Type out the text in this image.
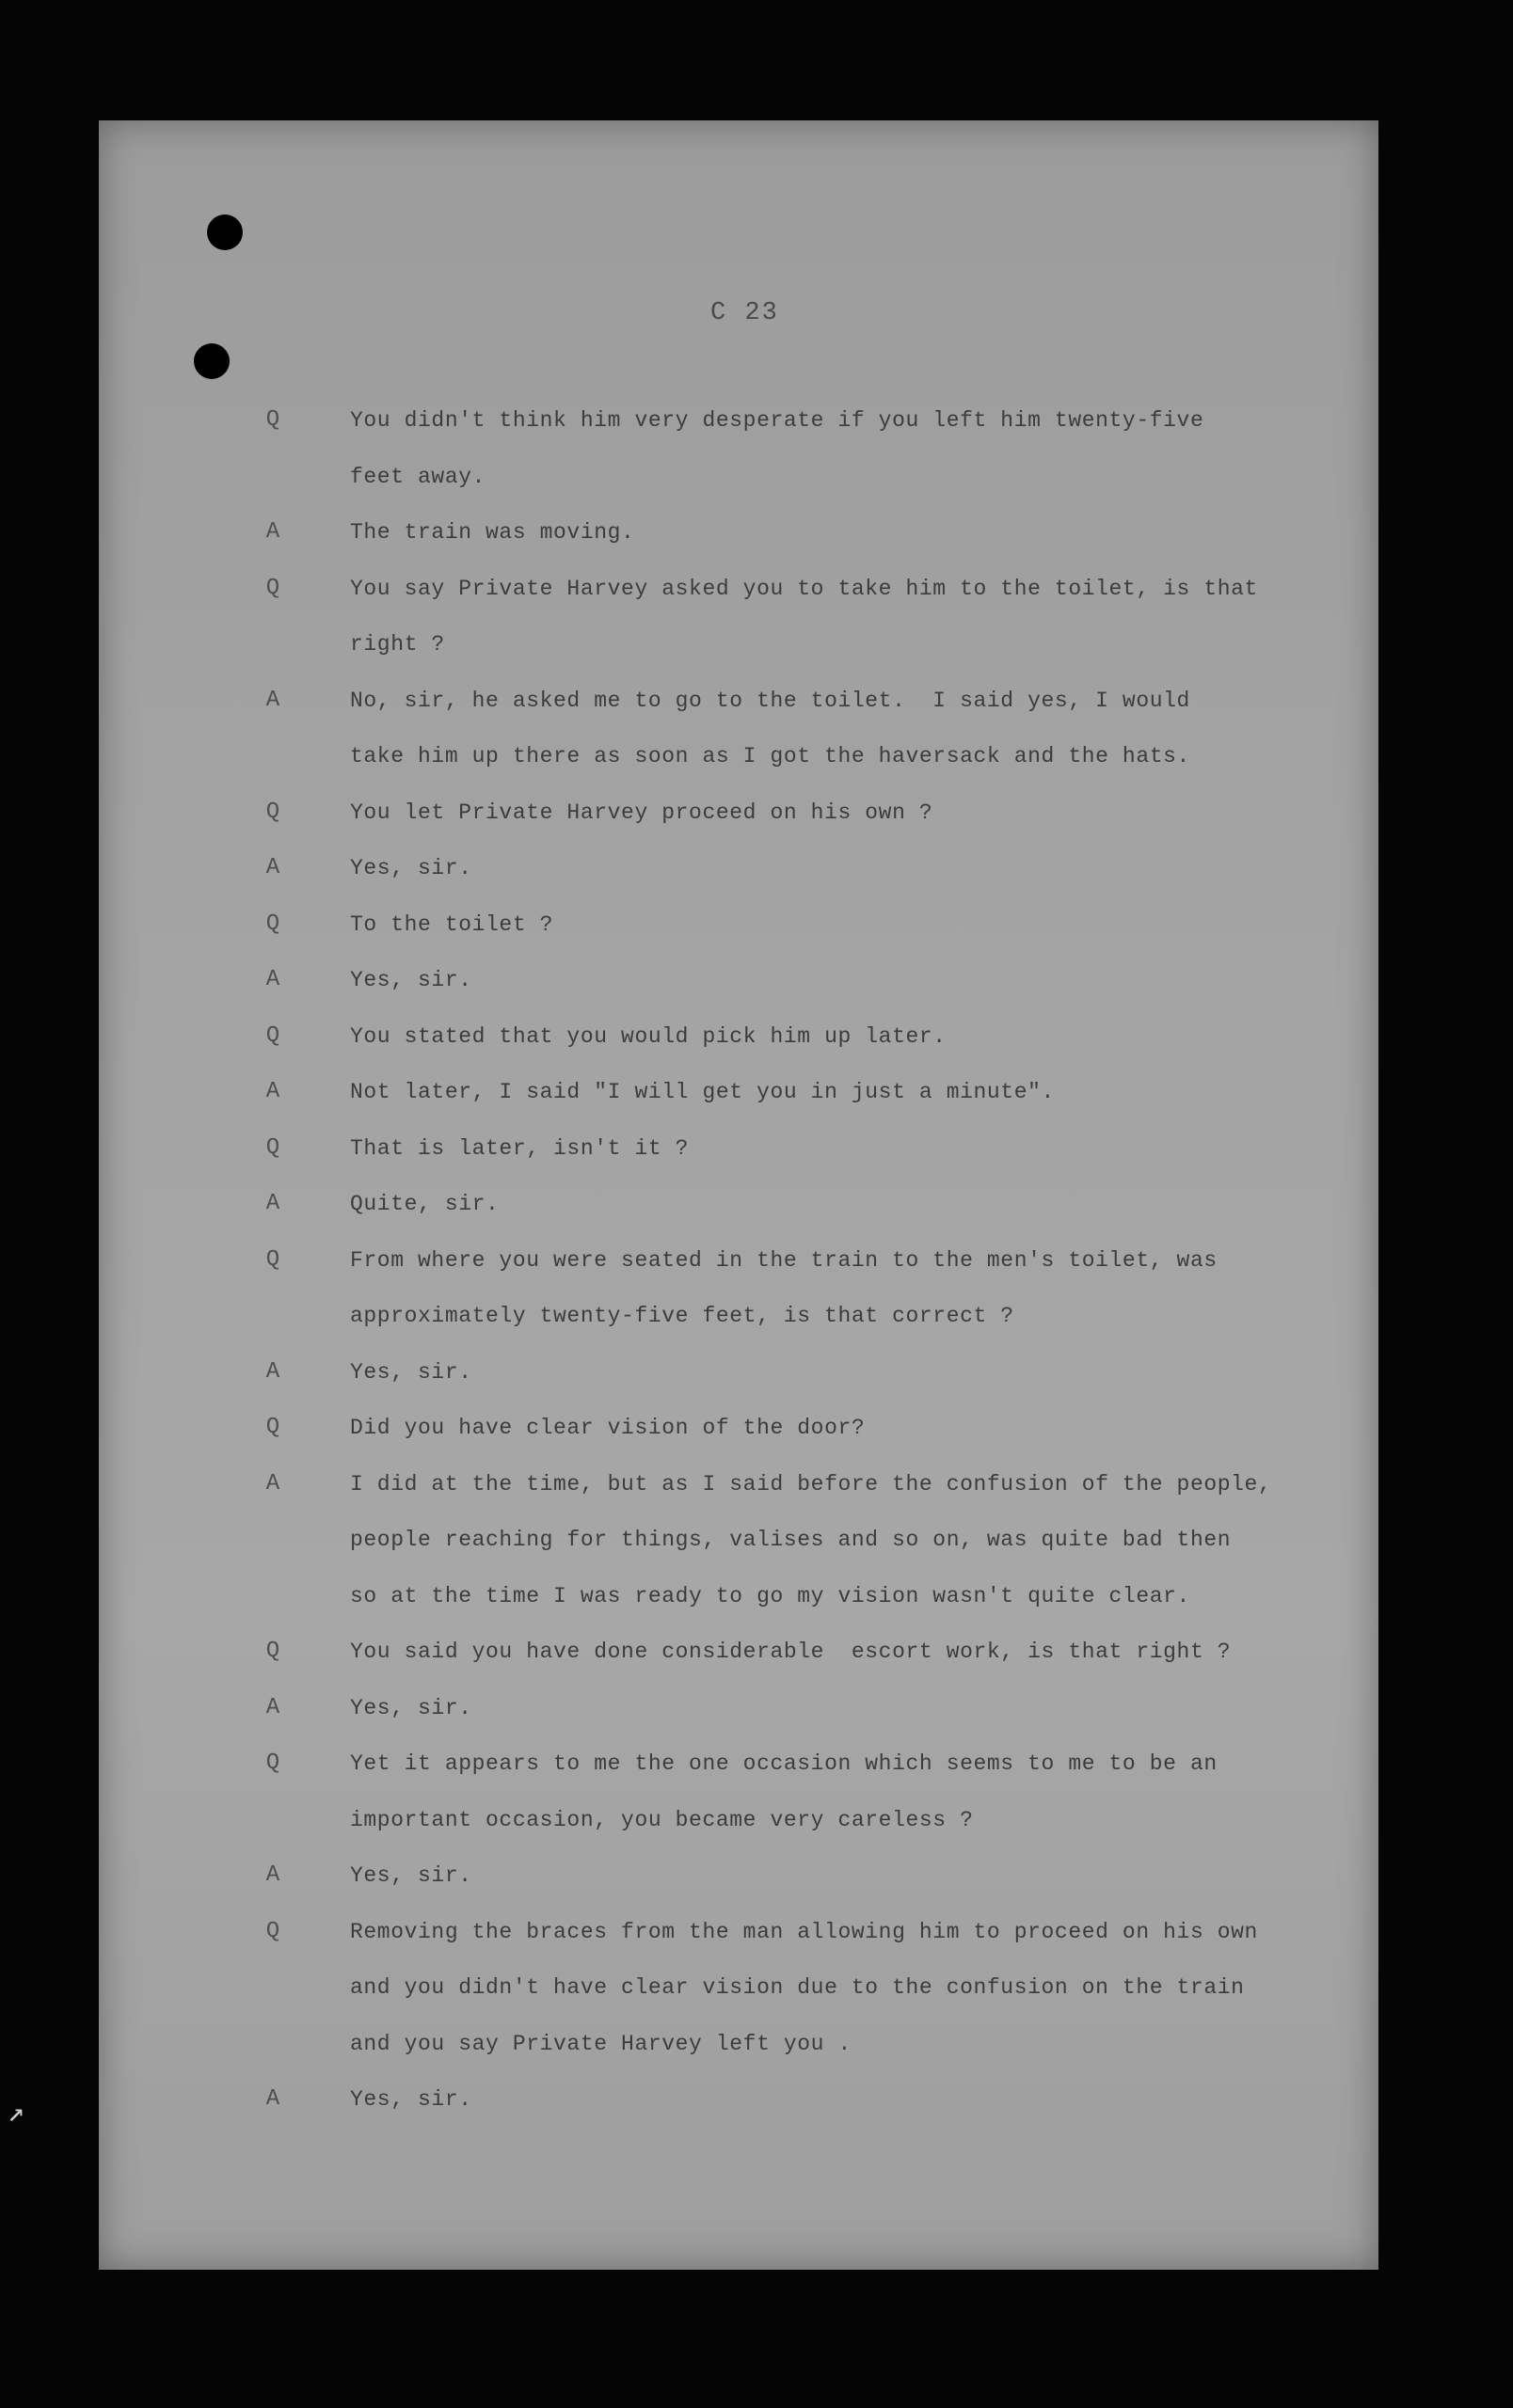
C 23
Q	You didn't think him very desperate if you left him twenty-five
feet away.
A	The train was moving.
Q	You say Private Harvey asked you to take him to the toilet, is that
right ?
A	No, sir, he asked me to go to the toilet.  I said yes, I would
take him up there as soon as I got the haversack and the hats.
Q	You let Private Harvey proceed on his own ?
A	Yes, sir.
Q	To the toilet ?
A	Yes, sir.
Q	You stated that you would pick him up later.
A	Not later, I said "I will get you in just a minute".
Q	That is later, isn't it ?
A	Quite, sir.
Q	From where you were seated in the train to the men's toilet, was
approximately twenty-five feet, is that correct ?
A	Yes, sir.
Q	Did you have clear vision of the door?
A	I did at the time, but as I said before the confusion of the people,
people reaching for things, valises and so on, was quite bad then
so at the time I was ready to go my vision wasn't quite clear.
Q	You said you have done considerable  escort work, is that right ?
A	Yes, sir.
Q	Yet it appears to me the one occasion which seems to me to be an
important occasion, you became very careless ?
A	Yes, sir.
Q	Removing the braces from the man allowing him to proceed on his own
and you didn't have clear vision due to the confusion on the train
and you say Private Harvey left you .
A	Yes, sir.
↗
